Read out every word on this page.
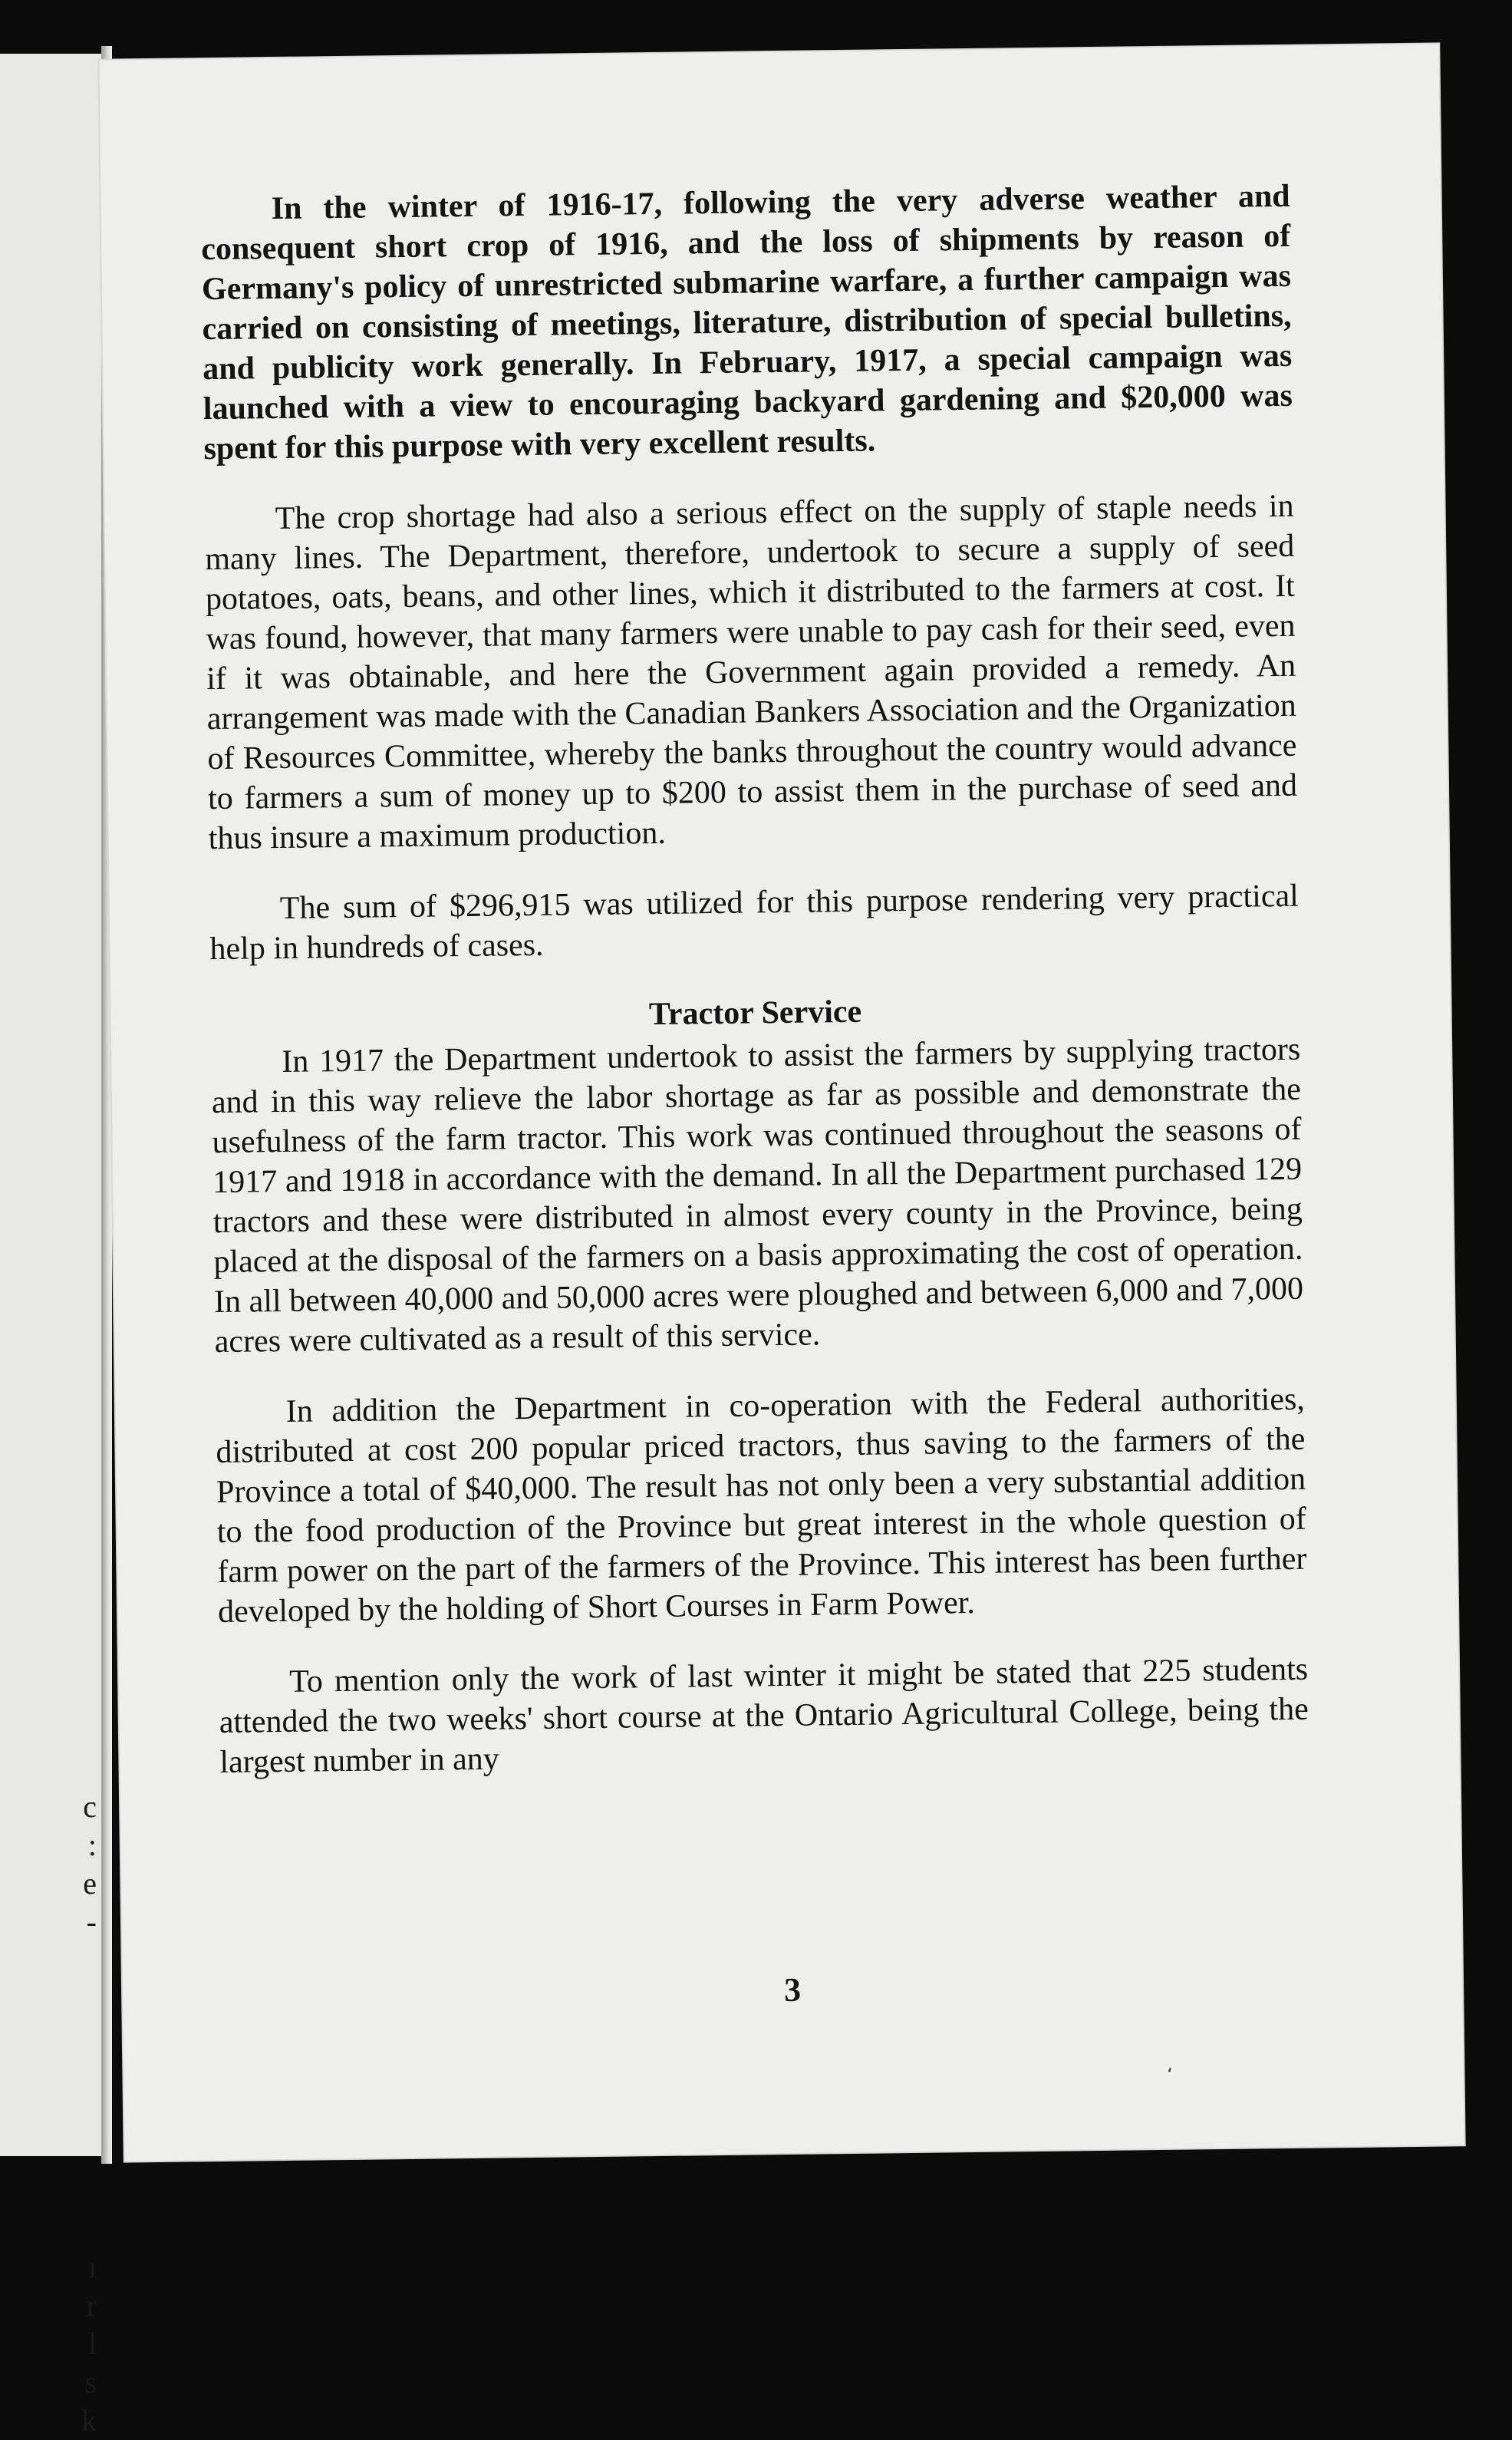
c
:
e
-

ı
r
l
s
k

In the winter of 1916-17, following the very adverse weather and consequent short crop of 1916, and the loss of shipments by reason of Germany's policy of unrestricted submarine warfare, a further campaign was carried on consisting of meetings, literature, distribution of special bulletins, and publicity work generally. In February, 1917, a special campaign was launched with a view to encouraging backyard gardening and $20,000 was spent for this purpose with very excellent results.

The crop shortage had also a serious effect on the supply of staple needs in many lines. The Department, therefore, undertook to secure a supply of seed potatoes, oats, beans, and other lines, which it distributed to the farmers at cost. It was found, however, that many farmers were unable to pay cash for their seed, even if it was obtainable, and here the Government again provided a remedy. An arrangement was made with the Canadian Bankers Association and the Organization of Resources Committee, whereby the banks throughout the country would advance to farmers a sum of money up to $200 to assist them in the purchase of seed and thus insure a maximum production.

The sum of $296,915 was utilized for this purpose rendering very practical help in hundreds of cases.

Tractor Service

In 1917 the Department undertook to assist the farmers by supplying tractors and in this way relieve the labor shortage as far as possible and demonstrate the usefulness of the farm tractor. This work was continued throughout the seasons of 1917 and 1918 in accordance with the demand. In all the Department purchased 129 tractors and these were distributed in almost every county in the Province, being placed at the disposal of the farmers on a basis approximating the cost of operation. In all between 40,000 and 50,000 acres were ploughed and between 6,000 and 7,000 acres were cultivated as a result of this service.

In addition the Department in co-operation with the Federal authorities, distributed at cost 200 popular priced tractors, thus saving to the farmers of the Province a total of $40,000. The result has not only been a very substantial addition to the food production of the Province but great interest in the whole question of farm power on the part of the farmers of the Province. This interest has been further developed by the holding of Short Courses in Farm Power.

To mention only the work of last winter it might be stated that 225 students attended the two weeks' short course at the Ontario Agricultural College, being the largest number in any

3
ʻ
